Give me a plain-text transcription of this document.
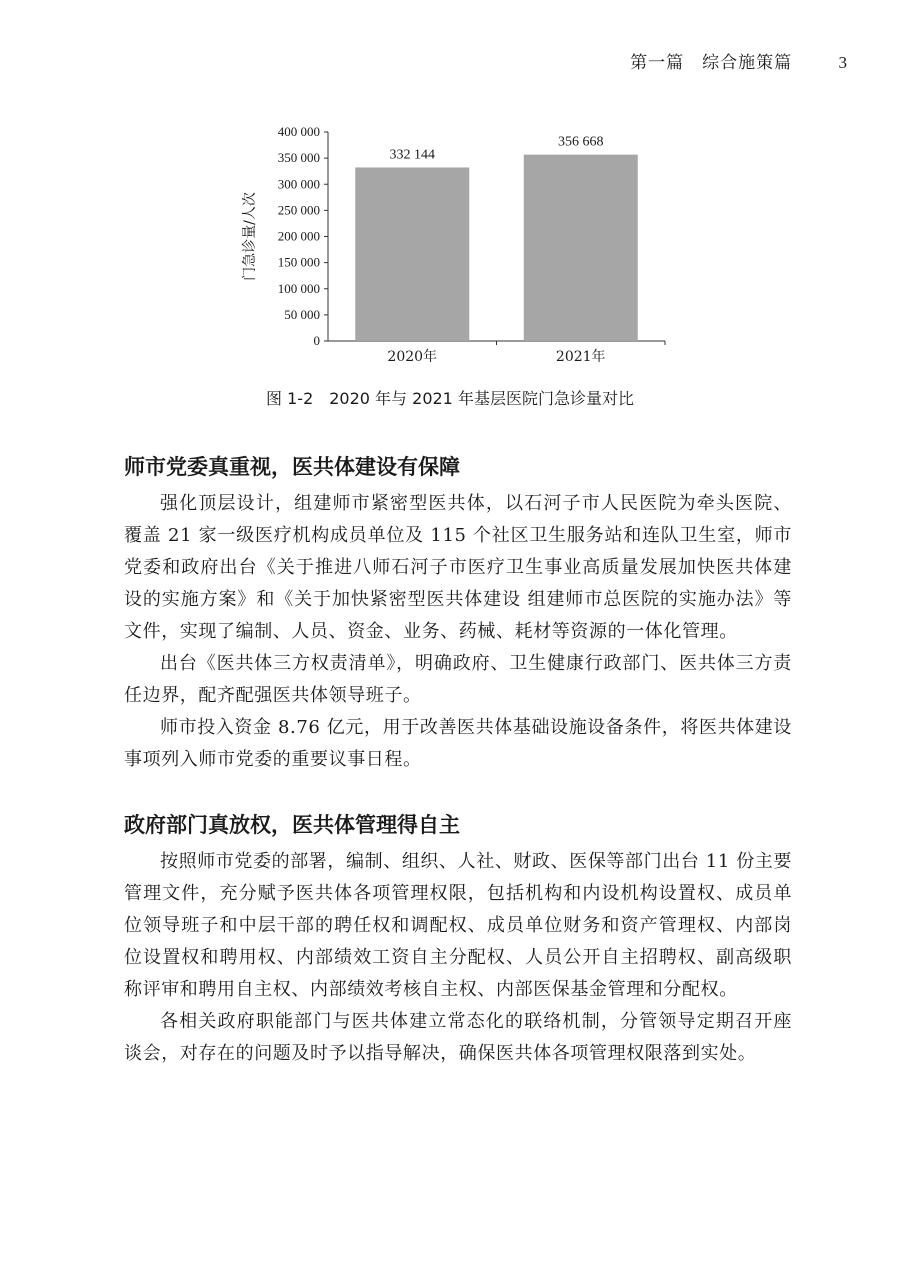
第一篇　综合施策篇	3
0
50 000
100 000
150 000
200 000
250 000
300 000
350 000
400 000
门急诊量/人次
332 144
2020年
356 668
2021年
图 1-2　2020 年与 2021 年基层医院门急诊量对比
师市党委真重视，医共体建设有保障

强化顶层设计，组建师市紧密型医共体，以石河子市人民医院为牵头医院、覆盖 21 家一级医疗机构成员单位及 115 个社区卫生服务站和连队卫生室，师市党委和政府出台《关于推进八师石河子市医疗卫生事业高质量发展加快医共体建设的实施方案》和《关于加快紧密型医共体建设 组建师市总医院的实施办法》等文件，实现了编制、人员、资金、业务、药械、耗材等资源的一体化管理。

出台《医共体三方权责清单》，明确政府、卫生健康行政部门、医共体三方责任边界，配齐配强医共体领导班子。

师市投入资金 8.76 亿元，用于改善医共体基础设施设备条件，将医共体建设事项列入师市党委的重要议事日程。

政府部门真放权，医共体管理得自主

按照师市党委的部署，编制、组织、人社、财政、医保等部门出台 11 份主要管理文件，充分赋予医共体各项管理权限，包括机构和内设机构设置权、成员单位领导班子和中层干部的聘任权和调配权、成员单位财务和资产管理权、内部岗位设置权和聘用权、内部绩效工资自主分配权、人员公开自主招聘权、副高级职称评审和聘用自主权、内部绩效考核自主权、内部医保基金管理和分配权。

各相关政府职能部门与医共体建立常态化的联络机制，分管领导定期召开座谈会，对存在的问题及时予以指导解决，确保医共体各项管理权限落到实处。
